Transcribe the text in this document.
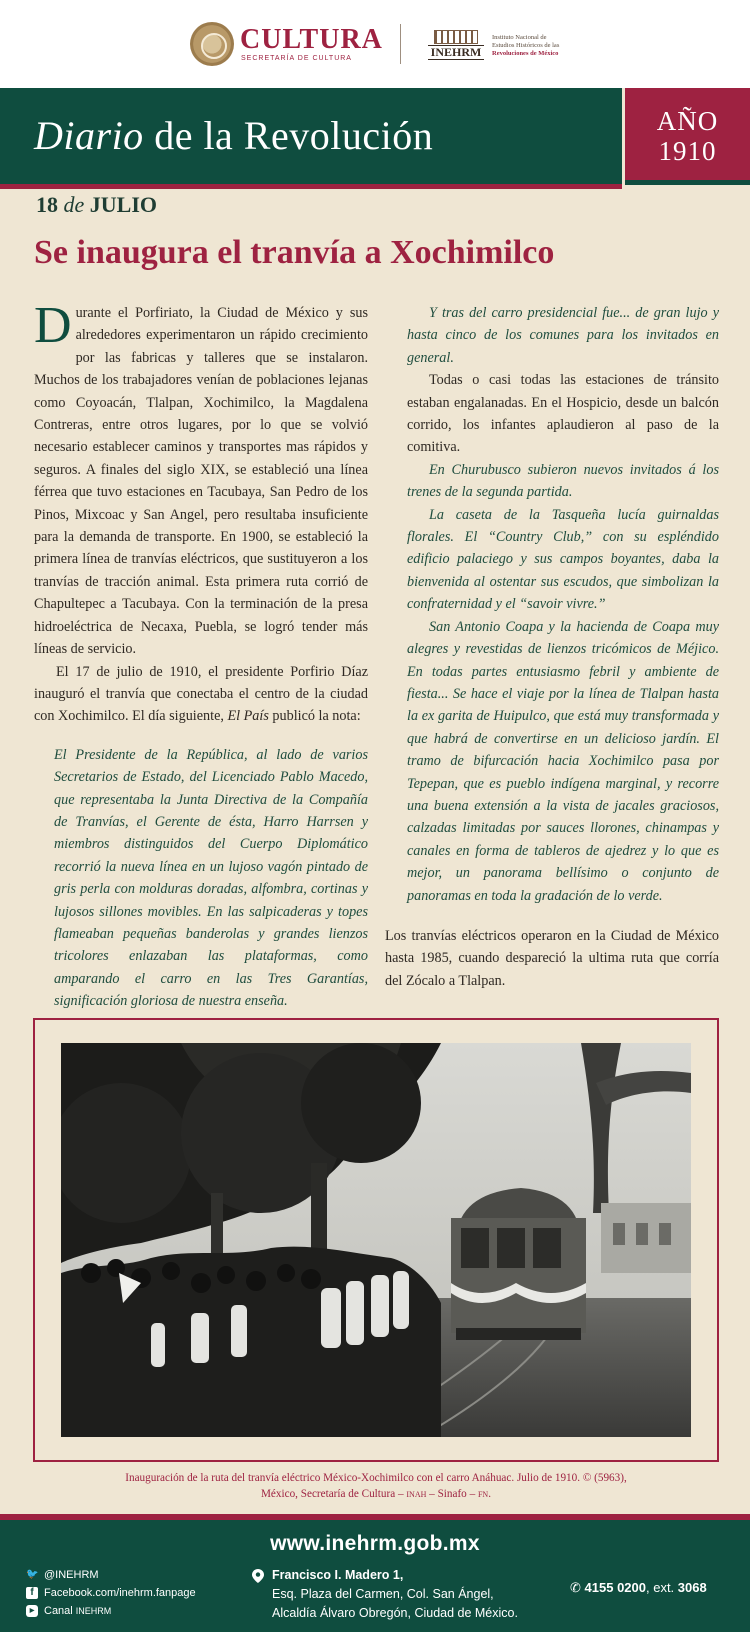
CULTURA
SECRETARÍA DE CULTURA	INEHRM
Instituto Nacional de
Estudios Históricos de las
Revoluciones de México
Diario de la Revolución	AÑO
1910
18 de JULIO
Se inaugura el tranvía a Xochimilco

Durante el Porfiriato, la Ciudad de México y sus alrededores experimentaron un rápido crecimiento por las fabricas y talleres que se instalaron. Muchos de los trabajadores venían de poblaciones lejanas como Coyoacán, Tlalpan, Xochimilco, la Magdalena Contreras, entre otros lugares, por lo que se volvió necesario establecer caminos y transportes mas rápidos y seguros. A finales del siglo XIX, se estableció una línea férrea que tuvo estaciones en Tacubaya, San Pedro de los Pinos, Mixcoac y San Angel, pero resultaba insuficiente para la demanda de transporte. En 1900, se estableció la primera línea de tranvías eléctricos, que sustituyeron a los tranvías de tracción animal. Esta primera ruta corrió de Chapultepec a Tacubaya. Con la terminación de la presa hidroeléctrica de Necaxa, Puebla, se logró tender más líneas de servicio.

El 17 de julio de 1910, el presidente Porfirio Díaz inauguró el tranvía que conectaba el centro de la ciudad con Xochimilco. El día siguiente, El País publicó la nota:

El Presidente de la República, al lado de varios Secretarios de Estado, del Licenciado Pablo Macedo, que representaba la Junta Directiva de la Compañía de Tranvías, el Gerente de ésta, Harro Harrsen y miembros distinguidos del Cuerpo Diplomático recorrió la nueva línea en un lujoso vagón pintado de gris perla con molduras doradas, alfombra, cortinas y lujosos sillones movibles. En las salpicaderas y topes flameaban pequeñas banderolas y grandes lienzos tricolores enlazaban las plataformas, como amparando el carro en las Tres Garantías, significación gloriosa de nuestra enseña.

Y tras del carro presidencial fue... de gran lujo y hasta cinco de los comunes para los invitados en general.

Todas o casi todas las estaciones de tránsito estaban engalanadas. En el Hospicio, desde un balcón corrido, los infantes aplaudieron al paso de la comitiva.

En Churubusco subieron nuevos invitados á los trenes de la segunda partida.

La caseta de la Tasqueña lucía guirnaldas florales. El “Country Club,” con su espléndido edificio palaciego y sus campos boyantes, daba la bienvenida al ostentar sus escudos, que simbolizan la confraternidad y el “savoir vivre.”

San Antonio Coapa y la hacienda de Coapa muy alegres y revestidas de lienzos tricómicos de Méjico. En todas partes entusiasmo febril y ambiente de fiesta... Se hace el viaje por la línea de Tlalpan hasta la ex garita de Huipulco, que está muy transformada y que habrá de convertirse en un delicioso jardín. El tramo de bifurcación hacia Xochimilco pasa por Tepepan, que es pueblo indígena marginal, y recorre una buena extensión a la vista de jacales graciosos, calzadas limitadas por sauces llorones, chinampas y canales en forma de tableros de ajedrez y lo que es mejor, un panorama bellísimo o conjunto de panoramas en toda la gradación de lo verde.

Los tranvías eléctricos operaron en la Ciudad de México hasta 1985, cuando despareció la ultima ruta que corría del Zócalo a Tlalpan.

Inauguración de la ruta del tranvía eléctrico México-Xochimilco con el carro Anáhuac. Julio de 1910. © (5963),
México, Secretaría de Cultura – inah – Sinafo – fn.
www.inehrm.gob.mx
🐦 @INEHRM
f Facebook.com/inehrm.fanpage
▶ Canal INEHRM
Francisco I. Madero 1,
Esq. Plaza del Carmen, Col. San Ángel,
Alcaldía Álvaro Obregón, Ciudad de México.
✆ 4155 0200, ext. 3068
